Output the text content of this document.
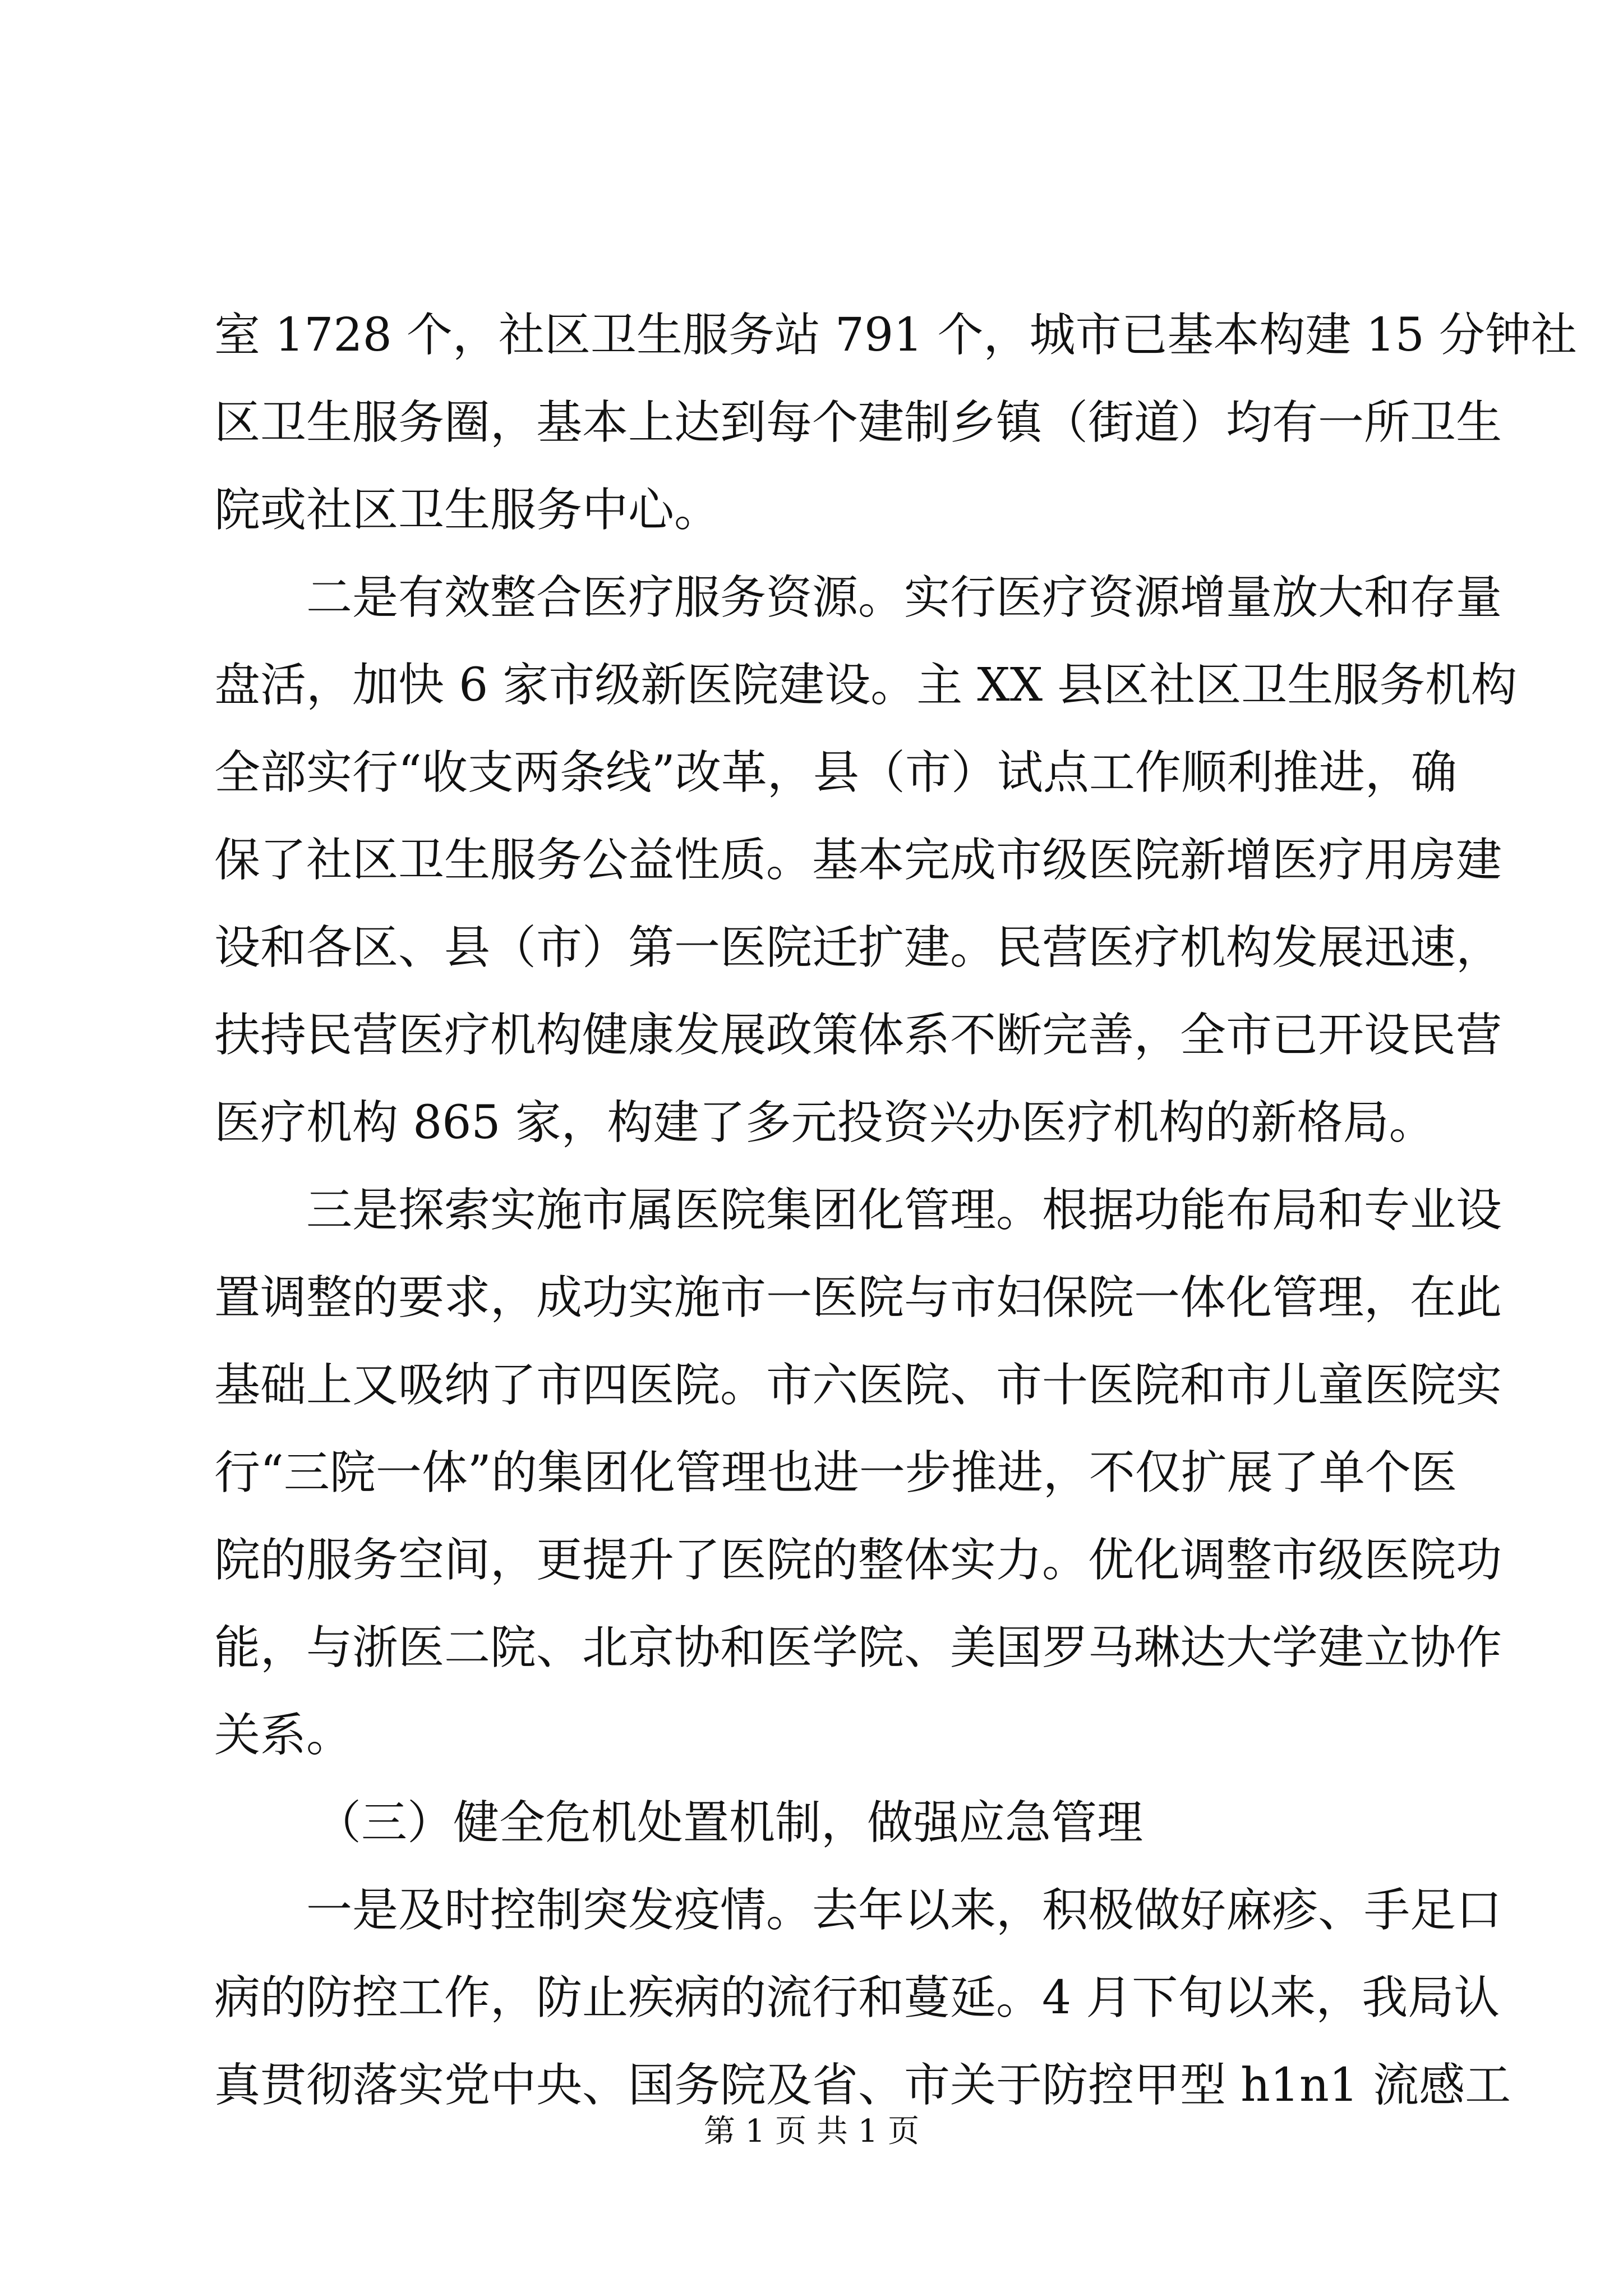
室 1728 个，社区卫生服务站 791 个，城市已基本构建 15 分钟社
区卫生服务圈，基本上达到每个建制乡镇（街道）均有一所卫生
院或社区卫生服务中心。
二是有效整合医疗服务资源。实行医疗资源增量放大和存量
盘活，加快 6 家市级新医院建设。主 XX 县区社区卫生服务机构
全部实行“收支两条线”改革，县（市）试点工作顺利推进，确
保了社区卫生服务公益性质。基本完成市级医院新增医疗用房建
设和各区、县（市）第一医院迁扩建。民营医疗机构发展迅速，
扶持民营医疗机构健康发展政策体系不断完善，全市已开设民营
医疗机构 865 家，构建了多元投资兴办医疗机构的新格局。
三是探索实施市属医院集团化管理。根据功能布局和专业设
置调整的要求，成功实施市一医院与市妇保院一体化管理，在此
基础上又吸纳了市四医院。市六医院、市十医院和市儿童医院实
行“三院一体”的集团化管理也进一步推进，不仅扩展了单个医
院的服务空间，更提升了医院的整体实力。优化调整市级医院功
能，与浙医二院、北京协和医学院、美国罗马琳达大学建立协作
关系。
（三）健全危机处置机制，做强应急管理
一是及时控制突发疫情。去年以来，积极做好麻疹、手足口
病的防控工作，防止疾病的流行和蔓延。4 月下旬以来，我局认
真贯彻落实党中央、国务院及省、市关于防控甲型 h1n1 流感工
第 1 页 共 1 页
